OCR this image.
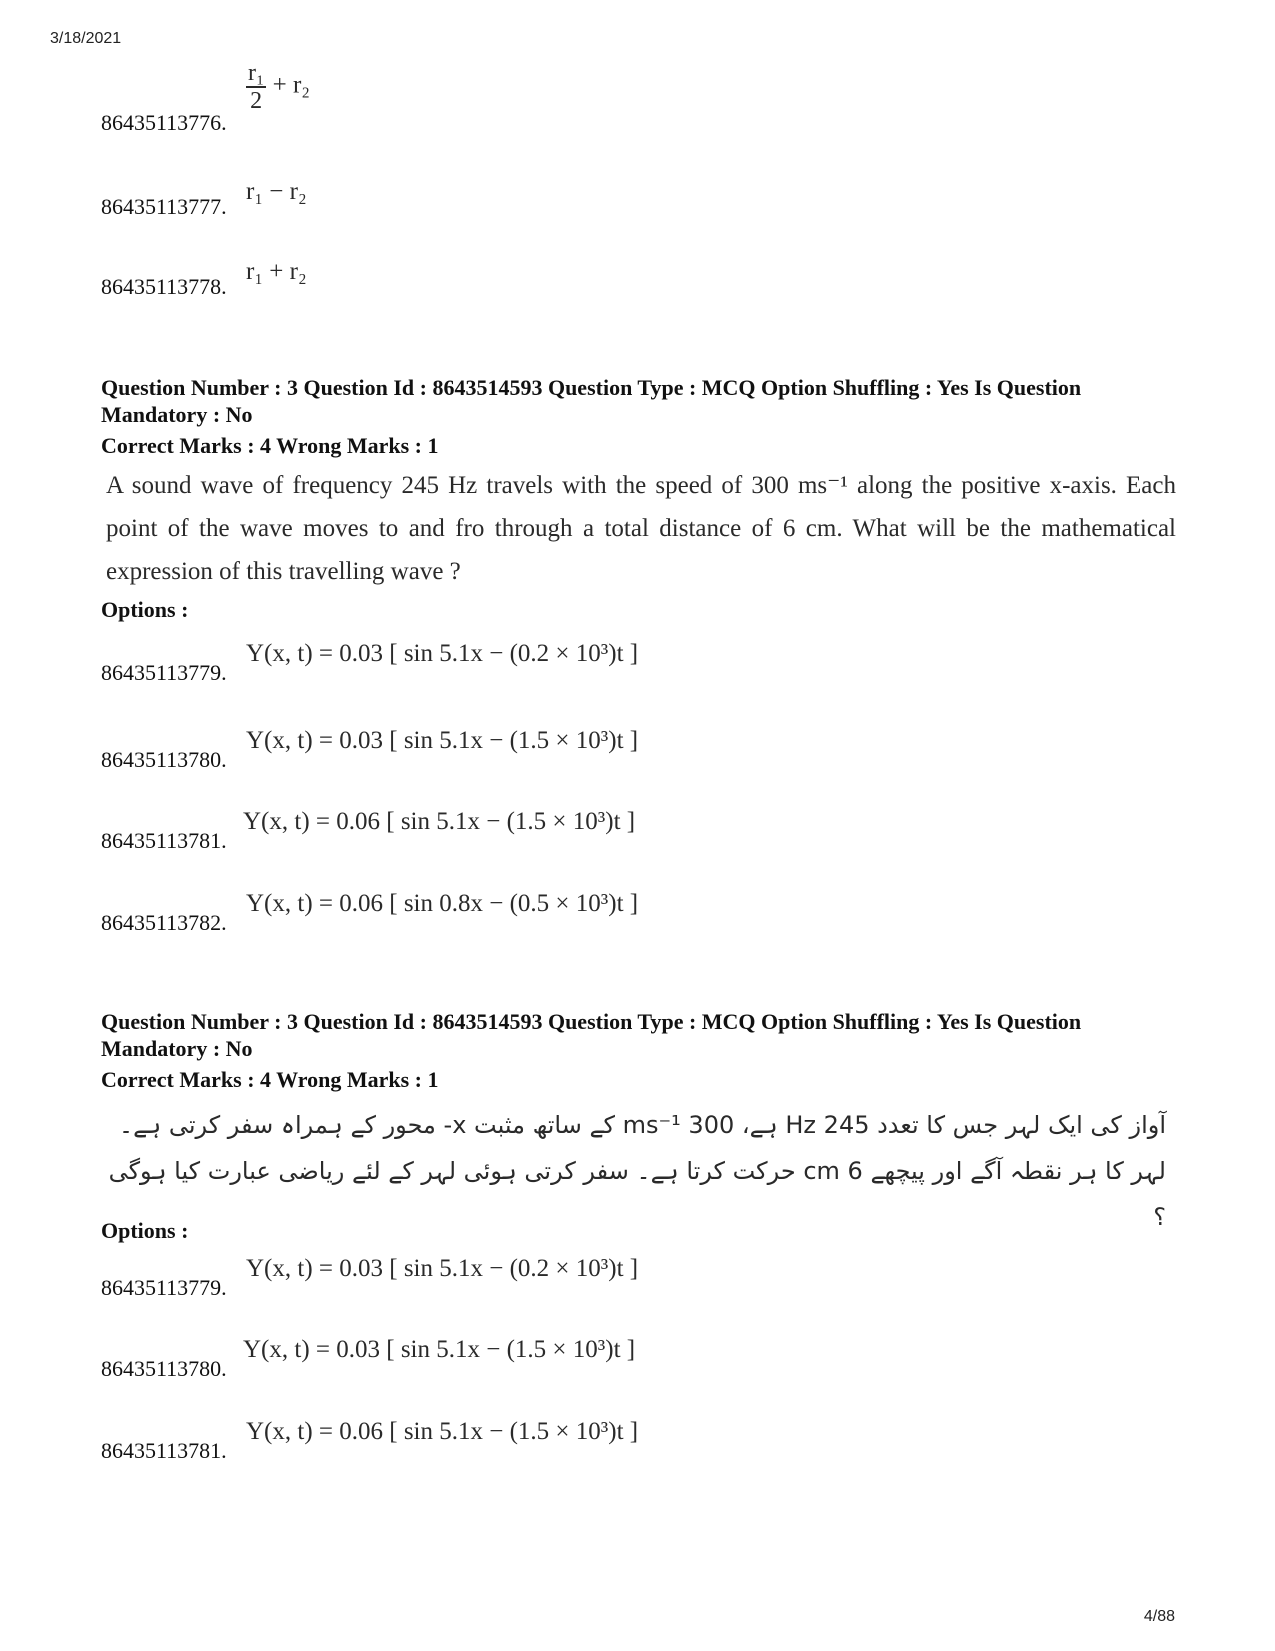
3/18/2021
86435113776.
$\frac{\text{r₁}}{2} + r_2$
86435113777.
r₁ − r₂
86435113778.
r₁ + r₂
Question Number : 3 Question Id : 8643514593 Question Type : MCQ Option Shuffling : Yes Is Question Mandatory : No
Correct Marks : 4 Wrong Marks : 1
A sound wave of frequency 245 Hz travels with the speed of 300 ms⁻¹ along the positive x-axis. Each point of the wave moves to and fro through a total distance of 6 cm. What will be the mathematical expression of this travelling wave ?
Options :
86435113779.
Y(x, t) = 0.03 [ sin 5.1x − (0.2 × 10³)t ]
86435113780.
Y(x, t) = 0.03 [ sin 5.1x − (1.5 × 10³)t ]
86435113781.
Y(x, t) = 0.06 [ sin 5.1x − (1.5 × 10³)t ]
86435113782.
Y(x, t) = 0.06 [ sin 0.8x − (0.5 × 10³)t ]
Question Number : 3 Question Id : 8643514593 Question Type : MCQ Option Shuffling : Yes Is Question Mandatory : No
Correct Marks : 4 Wrong Marks : 1
آواز کی ایک لہر جس کا تعدد 245 Hz ہے، 300 ms⁻¹ کے ساتھ مثبت ‎-x‎ محور کے ہمراہ سفر کرتی ہے۔ لہر کا ہر نقطہ آگے اور پیچھے 6 cm حرکت کرتا ہے۔ سفر کرتی ہوئی لہر کے لئے ریاضی عبارت کیا ہوگی ؟
Options :
86435113779.
Y(x, t) = 0.03 [ sin 5.1x − (0.2 × 10³)t ]
86435113780.
Y(x, t) = 0.03 [ sin 5.1x − (1.5 × 10³)t ]
86435113781.
Y(x, t) = 0.06 [ sin 5.1x − (1.5 × 10³)t ]
4/88
